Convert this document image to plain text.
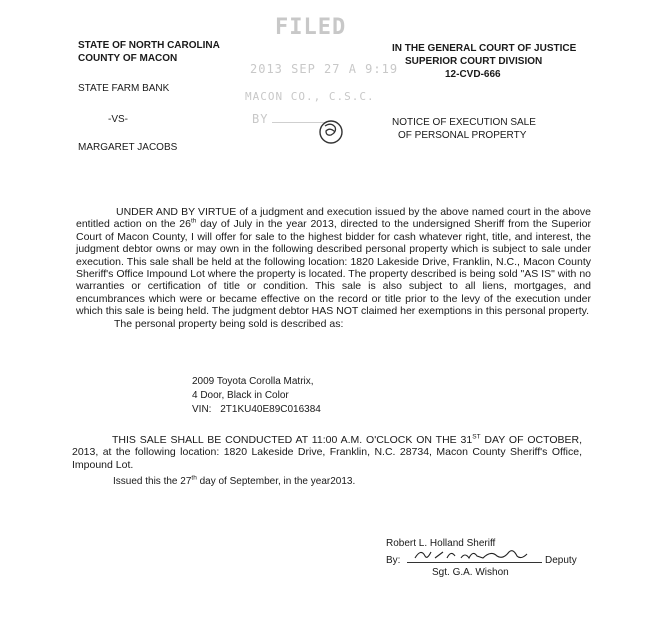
STATE OF NORTH CAROLINA
COUNTY OF MACON
IN THE GENERAL COURT OF JUSTICE
SUPERIOR COURT DIVISION
12-CVD-666
FILED
2013 SEP 27 A 9:19
MACON CO., C.S.C.
BY
STATE FARM BANK
-VS-
MARGARET JACOBS
NOTICE OF EXECUTION SALE
OF PERSONAL PROPERTY

UNDER AND BY VIRTUE of a judgment and execution issued by the above named court in the above entitled action on the 26th day of July in the year 2013, directed to the undersigned Sheriff from the Superior Court of Macon County, I will offer for sale to the highest bidder for cash whatever right, title, and interest, the judgment debtor owns or may own in the following described personal property which is subject to sale under execution. This sale shall be held at the following location: 1820 Lakeside Drive, Franklin, N.C., Macon County Sheriff's Office Impound Lot where the property is located. The property described is being sold "AS IS" with no warranties or certification of title or condition. This sale is also subject to all liens, mortgages, and encumbrances which were or became effective on the record or title prior to the levy of the execution under which this sale is being held. The judgment debtor HAS NOT claimed her exemptions in this personal property.

The personal property being sold is described as:

2009 Toyota Corolla Matrix,
4 Door, Black in Color
VIN: 2T1KU40E89C016384

THIS SALE SHALL BE CONDUCTED AT 11:00 A.M. O'CLOCK ON THE 31ST DAY OF OCTOBER, 2013, at the following location: 1820 Lakeside Drive, Franklin, N.C. 28734, Macon County Sheriff's Office, Impound Lot.

Issued this the 27th day of September, in the year2013.
Robert L. Holland Sheriff
By:	Deputy
Sgt. G.A. Wishon
